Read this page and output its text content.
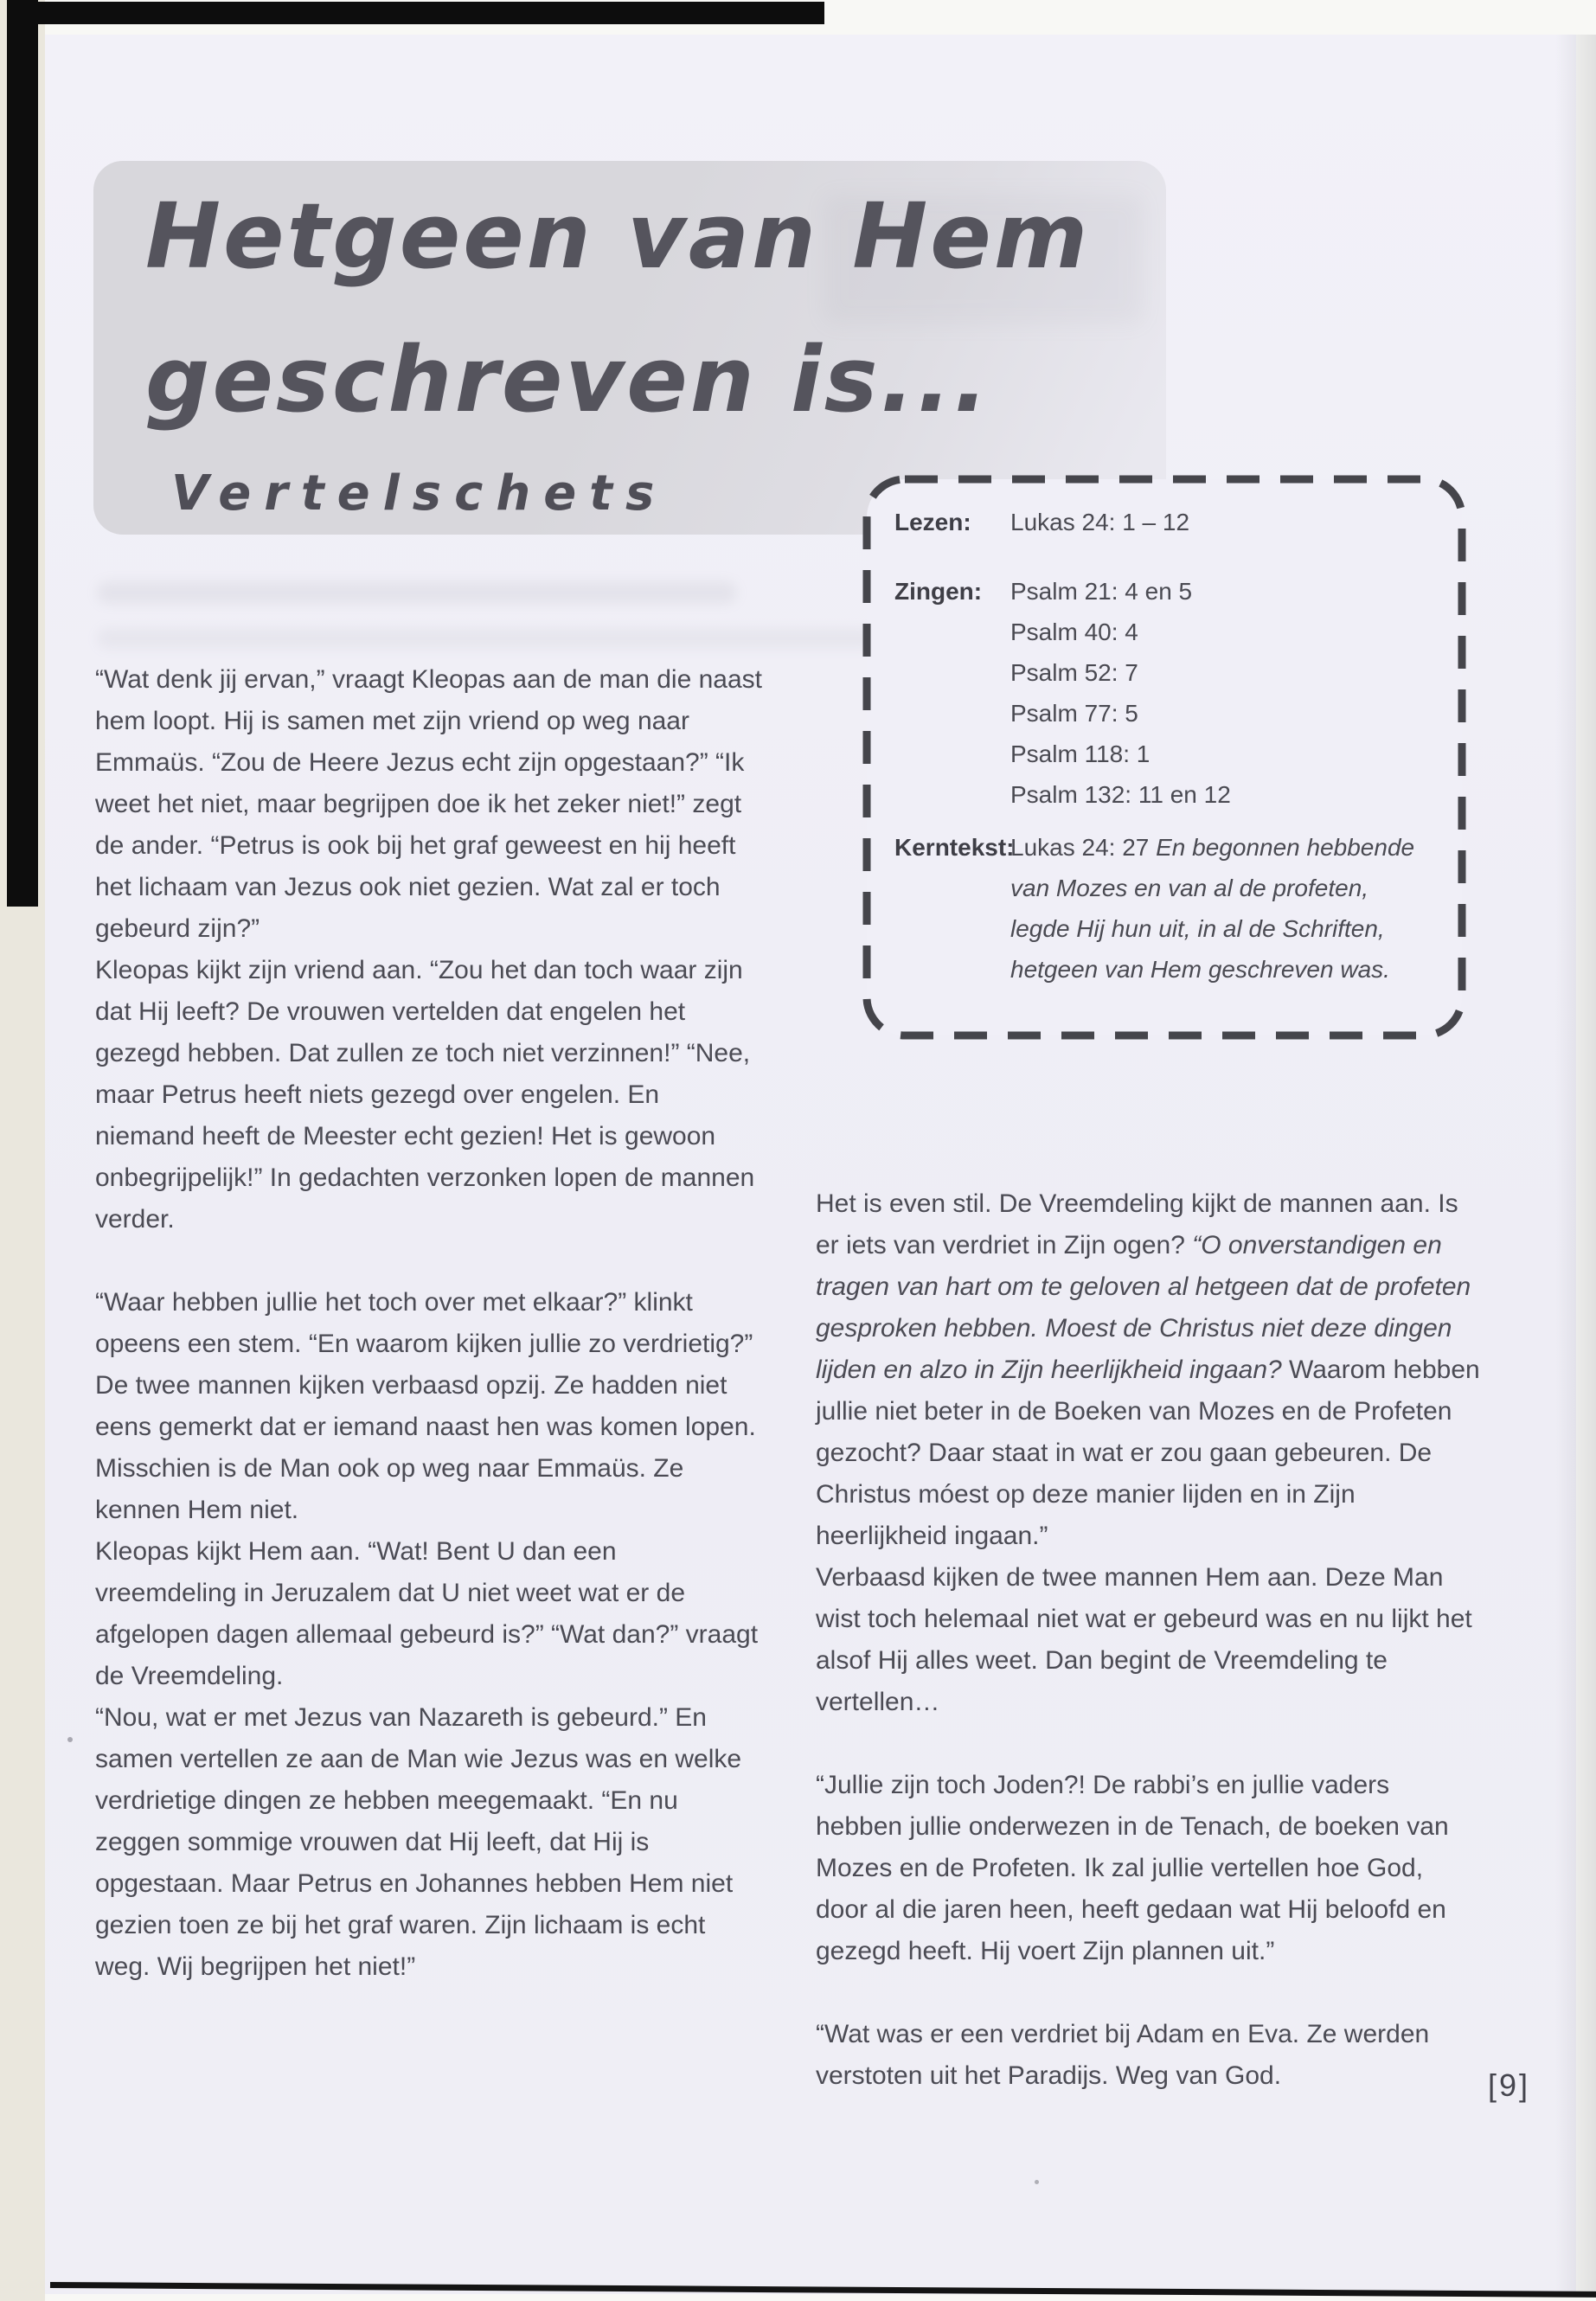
Hetgeen van Hem
geschreven is...
Vertelschets
Lezen: Lukas 24: 1 – 12
Zingen: Psalm 21: 4 en 5
Psalm 40: 4
Psalm 52: 7
Psalm 77: 5
Psalm 118: 1
Psalm 132: 11 en 12
Kerntekst:
Lukas 24: 27 En begonnen hebbende van Mozes en van al de profeten, legde Hij hun uit, in al de Schriften, hetgeen van Hem geschreven was.

“Wat denk jij ervan,” vraagt Kleopas aan de man die naast hem loopt. Hij is samen met zijn vriend op weg naar Emmaüs. “Zou de Heere Jezus echt zijn opgestaan?” “Ik weet het niet, maar begrijpen doe ik het zeker niet!” zegt de ander. “Petrus is ook bij het graf geweest en hij heeft het lichaam van Jezus ook niet gezien. Wat zal er toch gebeurd zijn?”

Kleopas kijkt zijn vriend aan. “Zou het dan toch waar zijn dat Hij leeft? De vrouwen vertelden dat engelen het gezegd hebben. Dat zullen ze toch niet verzinnen!” “Nee, maar Petrus heeft niets gezegd over engelen. En niemand heeft de Meester echt gezien! Het is gewoon onbegrijpelijk!” In gedachten verzonken lopen de mannen verder.

“Waar hebben jullie het toch over met elkaar?” klinkt opeens een stem. “En waarom kijken jullie zo verdrietig?” De twee mannen kijken verbaasd opzij. Ze hadden niet eens gemerkt dat er iemand naast hen was komen lopen. Misschien is de Man ook op weg naar Emmaüs. Ze kennen Hem niet.

Kleopas kijkt Hem aan. “Wat! Bent U dan een vreemdeling in Jeruzalem dat U niet weet wat er de afgelopen dagen allemaal gebeurd is?” “Wat dan?” vraagt de Vreemdeling.

“Nou, wat er met Jezus van Nazareth is gebeurd.” En samen vertellen ze aan de Man wie Jezus was en welke verdrietige dingen ze hebben meegemaakt. “En nu zeggen sommige vrouwen dat Hij leeft, dat Hij is opgestaan. Maar Petrus en Johannes hebben Hem niet gezien toen ze bij het graf waren. Zijn lichaam is echt weg. Wij begrijpen het niet!”

Het is even stil. De Vreemdeling kijkt de mannen aan. Is er iets van verdriet in Zijn ogen? “O onverstandigen en tragen van hart om te geloven al hetgeen dat de profeten gesproken hebben. Moest de Christus niet deze dingen lijden en alzo in Zijn heerlijkheid ingaan? Waarom hebben jullie niet beter in de Boeken van Mozes en de Profeten gezocht? Daar staat in wat er zou gaan gebeuren. De Christus móest op deze manier lijden en in Zijn heerlijkheid ingaan.”

Verbaasd kijken de twee mannen Hem aan. Deze Man wist toch helemaal niet wat er gebeurd was en nu lijkt het alsof Hij alles weet. Dan begint de Vreemdeling te vertellen…

“Jullie zijn toch Joden?! De rabbi’s en jullie vaders hebben jullie onderwezen in de Tenach, de boeken van Mozes en de Profeten. Ik zal jullie vertellen hoe God, door al die jaren heen, heeft gedaan wat Hij beloofd en gezegd heeft. Hij voert Zijn plannen uit.”

“Wat was er een verdriet bij Adam en Eva. Ze werden verstoten uit het Paradijs. Weg van God.	[9]
